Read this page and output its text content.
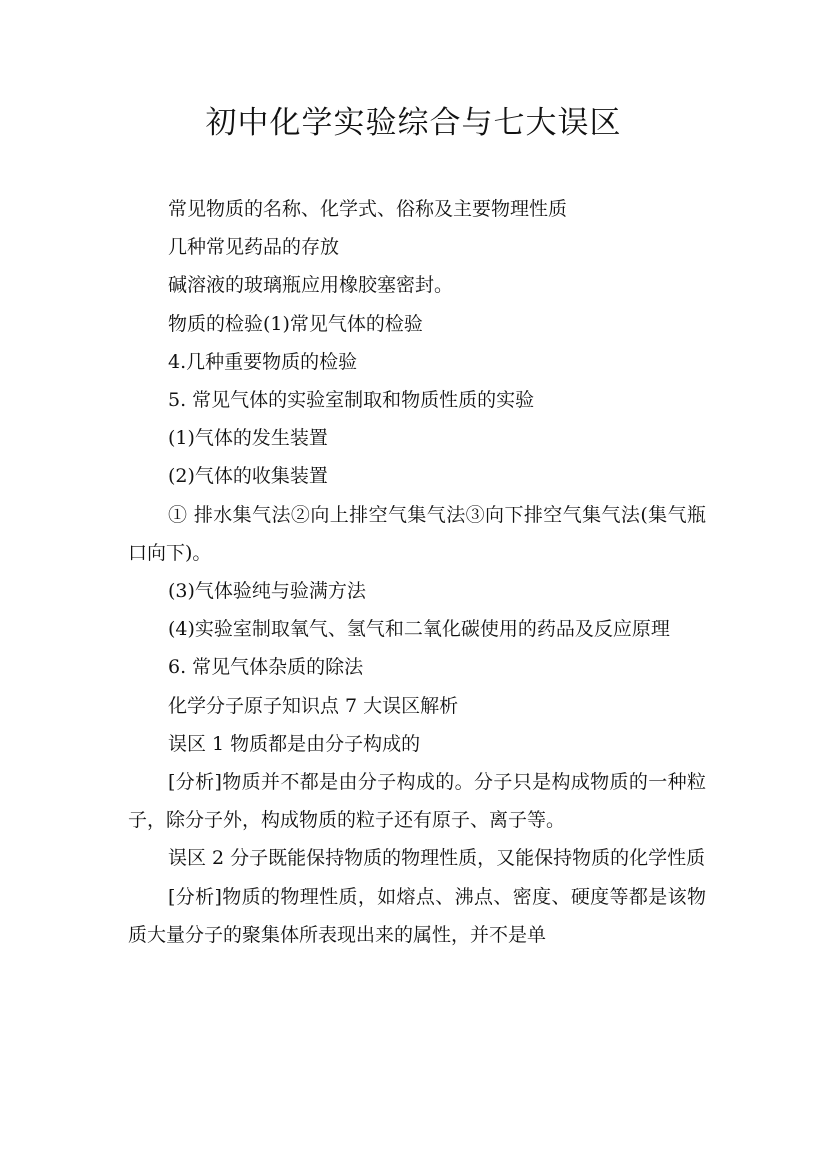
初中化学实验综合与七大误区

常见物质的名称、化学式、俗称及主要物理性质

几种常见药品的存放

碱溶液的玻璃瓶应用橡胶塞密封。

物质的检验(1)常见气体的检验

4.几种重要物质的检验

5. 常见气体的实验室制取和物质性质的实验

(1)气体的发生装置

(2)气体的收集装置

① 排水集气法②向上排空气集气法③向下排空气集气法(集气瓶口向下)。

(3)气体验纯与验满方法

(4)实验室制取氧气、氢气和二氧化碳使用的药品及反应原理

6. 常见气体杂质的除法

化学分子原子知识点 7 大误区解析

误区 1 物质都是由分子构成的

[分析]物质并不都是由分子构成的。分子只是构成物质的一种粒子，除分子外，构成物质的粒子还有原子、离子等。

误区 2 分子既能保持物质的物理性质，又能保持物质的化学性质

[分析]物质的物理性质，如熔点、沸点、密度、硬度等都是该物质大量分子的聚集体所表现出来的属性，并不是单
